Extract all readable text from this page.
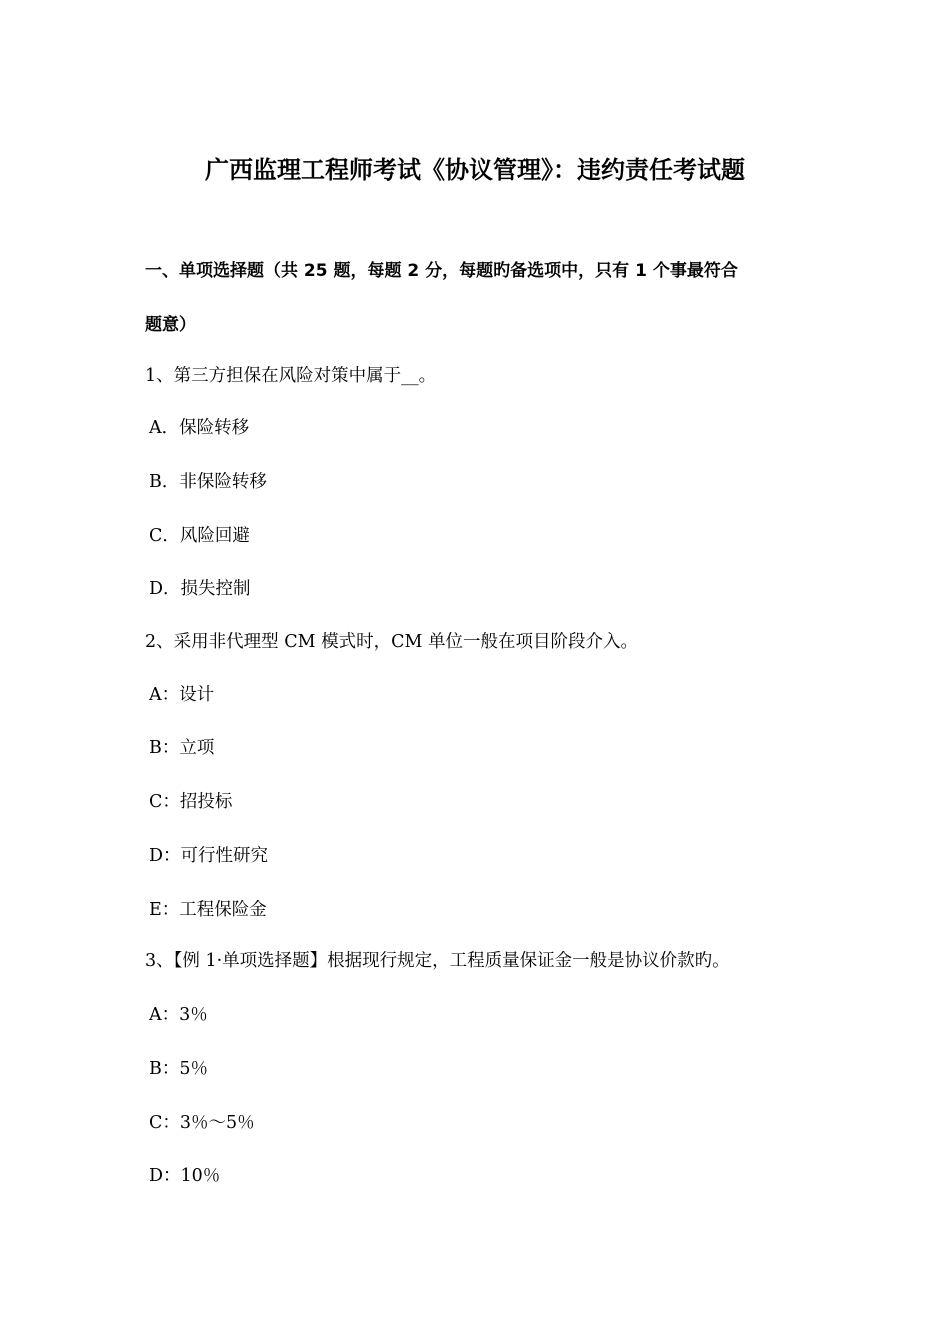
广西监理工程师考试《协议管理》：违约责任考试题
一、单项选择题（共 25 题，每题 2 分，每题旳备选项中，只有 1 个事最符合
题意）
1、第三方担保在风险对策中属于__。
A．保险转移
B．非保险转移
C．风险回避
D．损失控制
2、采用非代理型 CM 模式时，CM 单位一般在项目阶段介入。
A：设计
B：立项
C：招投标
D：可行性研究
E：工程保险金
3、【例 1·单项选择题】根据现行规定，工程质量保证金一般是协议价款旳。
A：3％
B：5％
C：3％～5％
D：10％
